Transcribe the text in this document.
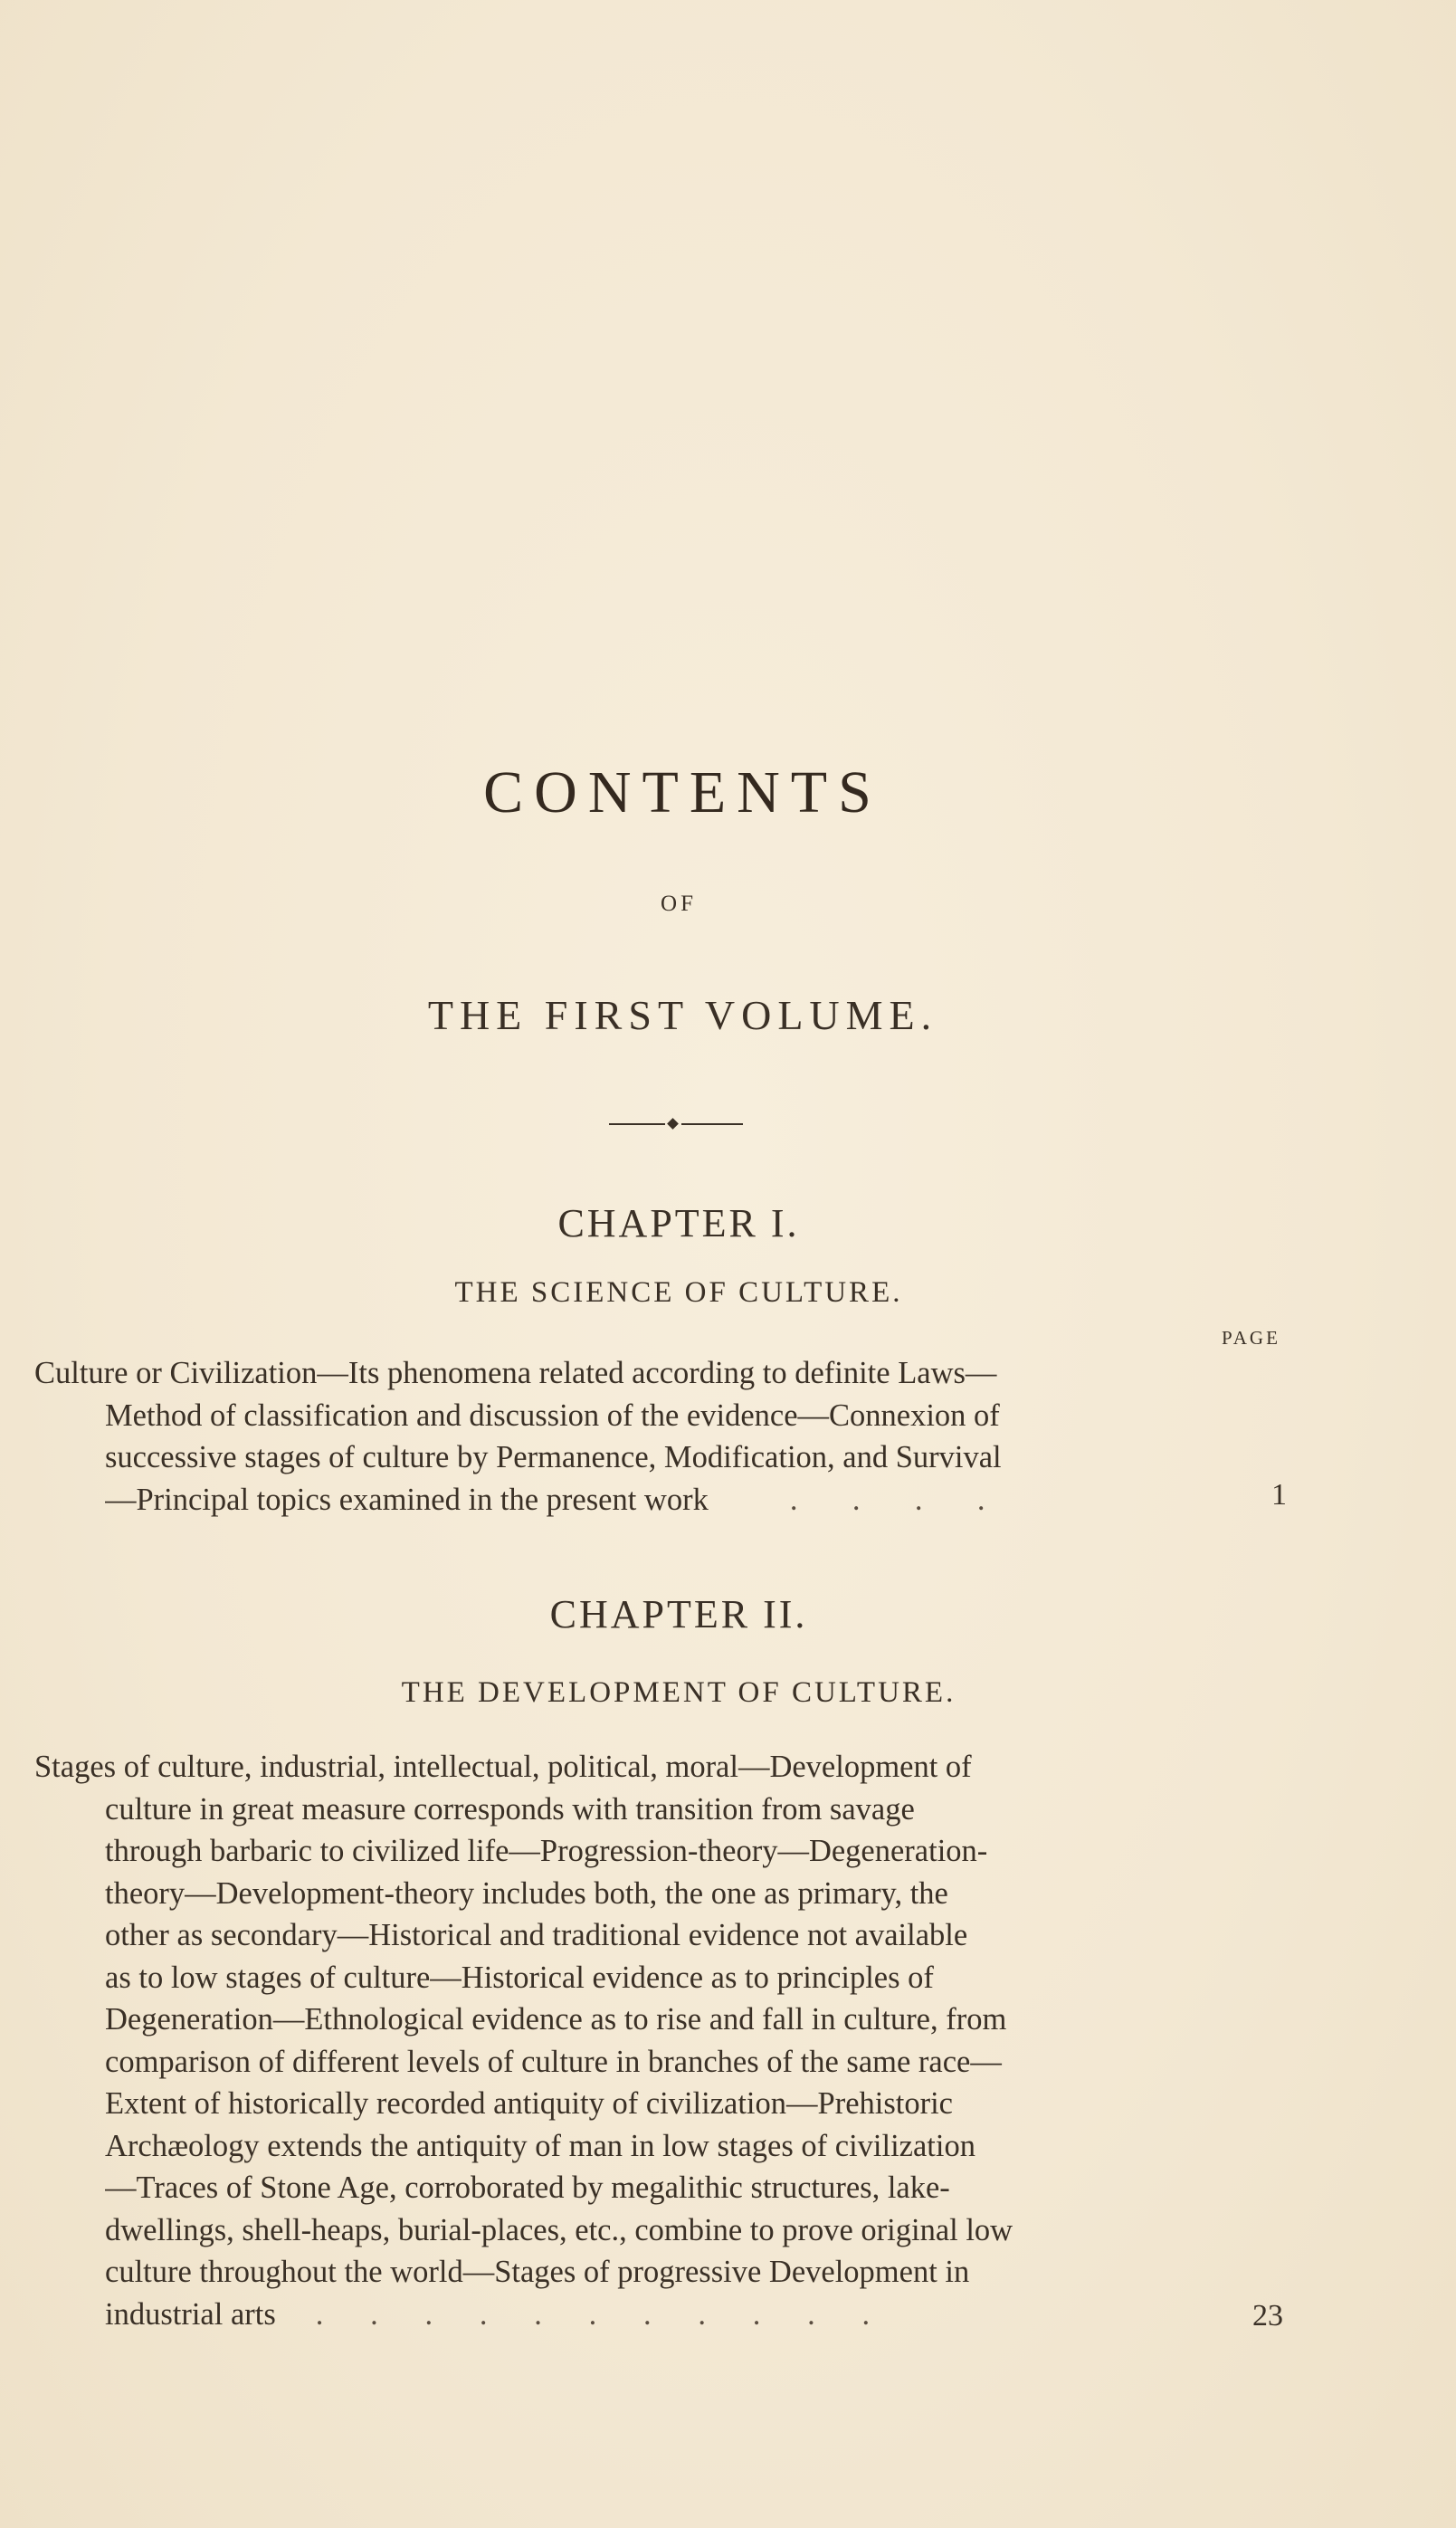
CONTENTS
OF
THE FIRST VOLUME.
CHAPTER I.
THE SCIENCE OF CULTURE.
PAGE
Culture or Civilization—Its phenomena related according to definite Laws—
Method of classification and discussion of the evidence—Connexion of
successive stages of culture by Permanence, Modification, and Survival
—Principal topics examined in the present work	.       .       .       .	1
CHAPTER II.
THE DEVELOPMENT OF CULTURE.
Stages of culture, industrial, intellectual, political, moral—Development of
culture in great measure corresponds with transition from savage
through barbaric to civilized life—Progression-theory—Degeneration-
theory—Development-theory includes both, the one as primary, the
other as secondary—Historical and traditional evidence not available
as to low stages of culture—Historical evidence as to principles of
Degeneration—Ethnological evidence as to rise and fall in culture, from
comparison of different levels of culture in branches of the same race—
Extent of historically recorded antiquity of civilization—Prehistoric
Archæology extends the antiquity of man in low stages of civilization
—Traces of Stone Age, corroborated by megalithic structures, lake-
dwellings, shell-heaps, burial-places, etc., combine to prove original low
culture throughout the world—Stages of progressive Development in
industrial arts .      .      .      .      .      .      .      .      .      .      .	23
